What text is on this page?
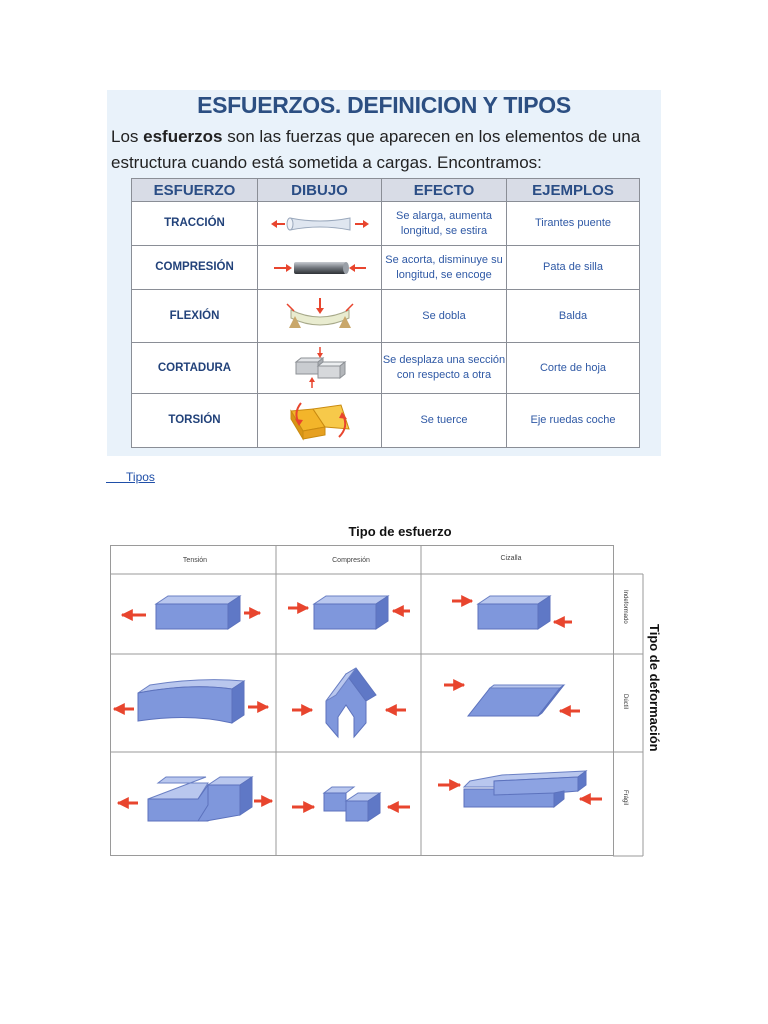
ESFUERZOS. DEFINICION Y TIPOS
Los esfuerzos son las fuerzas que aparecen en los elementos de una estructura cuando está sometida a cargas. Encontramos:
ESFUERZO	DIBUJO	EFECTO	EJEMPLOS
TRACCIÓN		Se alarga, aumenta longitud, se estira	Tirantes puente
COMPRESIÓN		Se acorta, disminuye su longitud, se encoge	Pata de silla
FLEXIÓN		Se dobla	Balda
CORTADURA		Se desplaza una sección con respecto a otra	Corte de hoja
TORSIÓN		Se tuerce	Eje ruedas coche
Tipos
Tipo de esfuerzo
Tensión	Compresión	Cizalla
Indeformado
Dúctil
Frágil
Tipo de deformación
